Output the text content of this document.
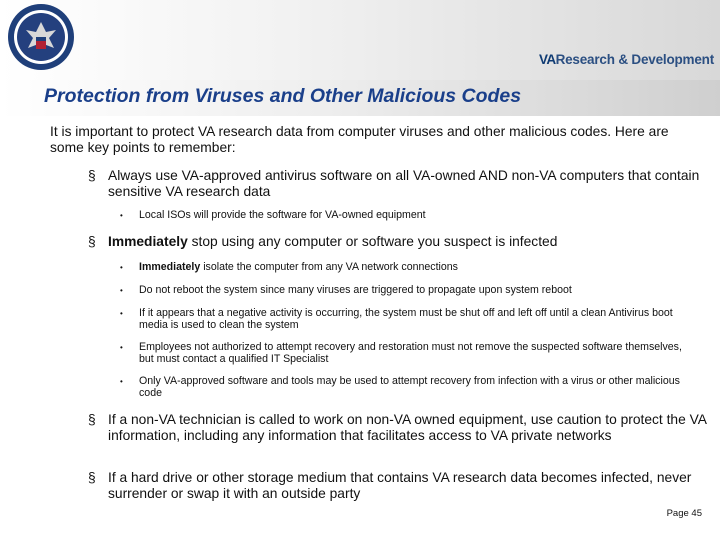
VAResearch & Development
Protection from Viruses and Other Malicious Codes

It is important to protect VA research data from computer viruses and other malicious codes. Here are some key points to remember:

§ Always use VA-approved antivirus software on all VA-owned AND non-VA computers that contain sensitive VA research data

• Local ISOs will provide the software for VA-owned equipment

§ Immediately stop using any computer or software you suspect is infected

• Immediately isolate the computer from any VA network connections

• Do not reboot the system since many viruses are triggered to propagate upon system reboot

• If it appears that a negative activity is occurring, the system must be shut off and left off until a clean Antivirus boot media is used to clean the system

• Employees not authorized to attempt recovery and restoration must not remove the suspected software themselves, but must contact a qualified IT Specialist

• Only VA-approved software and tools may be used to attempt recovery from infection with a virus or other malicious code

§ If a non-VA technician is called to work on non-VA owned equipment, use caution to protect the VA information, including any information that facilitates access to VA private networks

§ If a hard drive or other storage medium that contains VA research data becomes infected, never surrender or swap it with an outside party

Page 45
